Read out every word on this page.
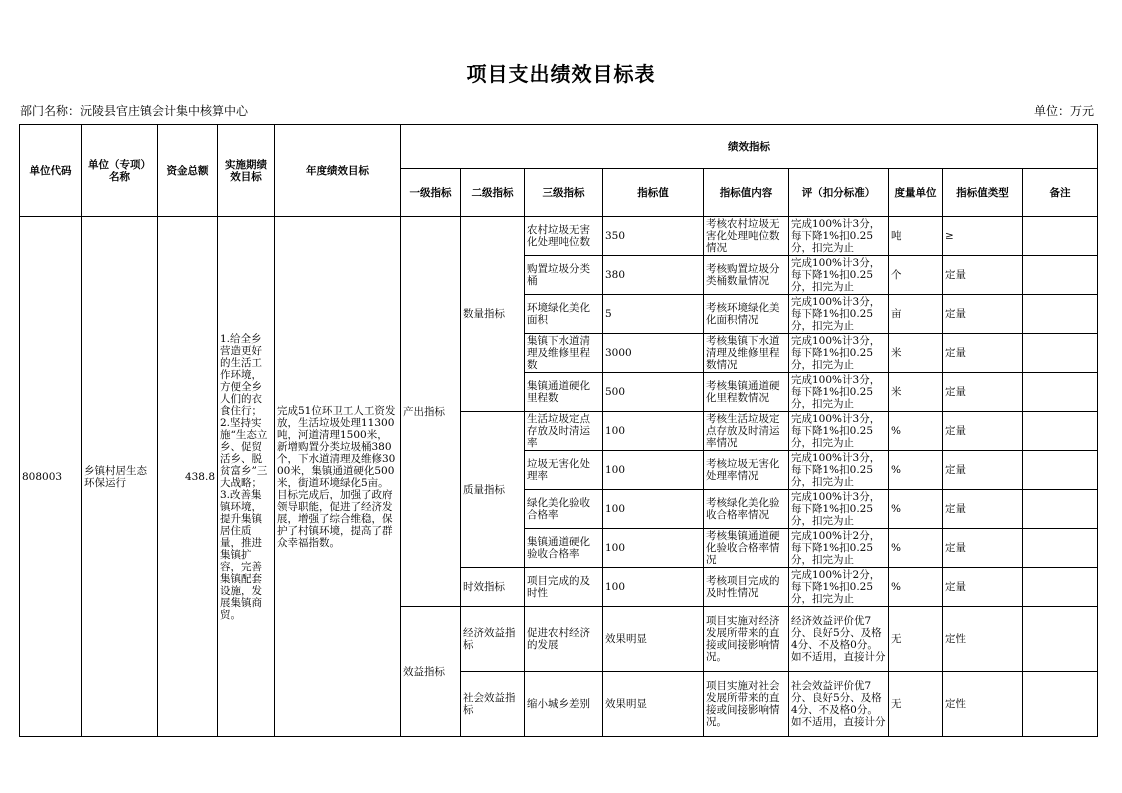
项目支出绩效目标表
部门名称：沅陵县官庄镇会计集中核算中心	单位：万元
单位代码	单位（专项）名称	资金总额	实施期绩效目标	年度绩效目标	绩效指标								
					一级指标	二级指标	三级指标	指标值	指标值内容	评（扣分标准）	度量单位	指标值类型	备注
808003	乡镇村居生态环保运行	438.8	1.给全乡营造更好的生活工作环境，方便全乡人们的衣食住行；2.坚持实施“生态立乡、促贸活乡、脱贫富乡”三大战略；3.改善集镇环境，提升集镇居住质量，推进集镇扩容，完善集镇配套设施，发展集镇商贸。	完成51位环卫工人工资发放，生活垃圾处理11300吨，河道清理1500米，新增购置分类垃圾桶380个，下水道清理及维修3000米，集镇通道硬化500米，街道环境绿化5亩。目标完成后，加强了政府领导职能，促进了经济发展，增强了综合维稳，保护了村镇环境，提高了群众幸福指数。	产出指标	数量指标	农村垃圾无害化处理吨位数	350	考核农村垃圾无害化处理吨位数情况	完成100%计3分，每下降1%扣0.25分，扣完为止	吨	≥	
							购置垃圾分类桶	380	考核购置垃圾分类桶数量情况	完成100%计3分，每下降1%扣0.25分，扣完为止	个	定量	
							环境绿化美化面积	5	考核环境绿化美化面积情况	完成100%计3分，每下降1%扣0.25分，扣完为止	亩	定量	
							集镇下水道清理及维修里程数	3000	考核集镇下水道清理及维修里程数情况	完成100%计3分，每下降1%扣0.25分，扣完为止	米	定量	
							集镇通道硬化里程数	500	考核集镇通道硬化里程数情况	完成100%计3分，每下降1%扣0.25分，扣完为止	米	定量	
						质量指标	生活垃圾定点存放及时清运率	100	考核生活垃圾定点存放及时清运率情况	完成100%计3分，每下降1%扣0.25分，扣完为止	%	定量	
							垃圾无害化处理率	100	考核垃圾无害化处理率情况	完成100%计3分，每下降1%扣0.25分，扣完为止	%	定量	
							绿化美化验收合格率	100	考核绿化美化验收合格率情况	完成100%计3分，每下降1%扣0.25分，扣完为止	%	定量	
							集镇通道硬化验收合格率	100	考核集镇通道硬化验收合格率情况	完成100%计2分，每下降1%扣0.25分，扣完为止	%	定量	
						时效指标	项目完成的及时性	100	考核项目完成的及时性情况	完成100%计2分，每下降1%扣0.25分，扣完为止	%	定量	
					效益指标	经济效益指标	促进农村经济的发展	效果明显	项目实施对经济发展所带来的直接或间接影响情况。	经济效益评价优7分、良好5分、及格4分、不及格0分。如不适用，直接计分	无	定性	
						社会效益指标	缩小城乡差别	效果明显	项目实施对社会发展所带来的直接或间接影响情况。	社会效益评价优7分、良好5分、及格4分、不及格0分。如不适用，直接计分	无	定性	
